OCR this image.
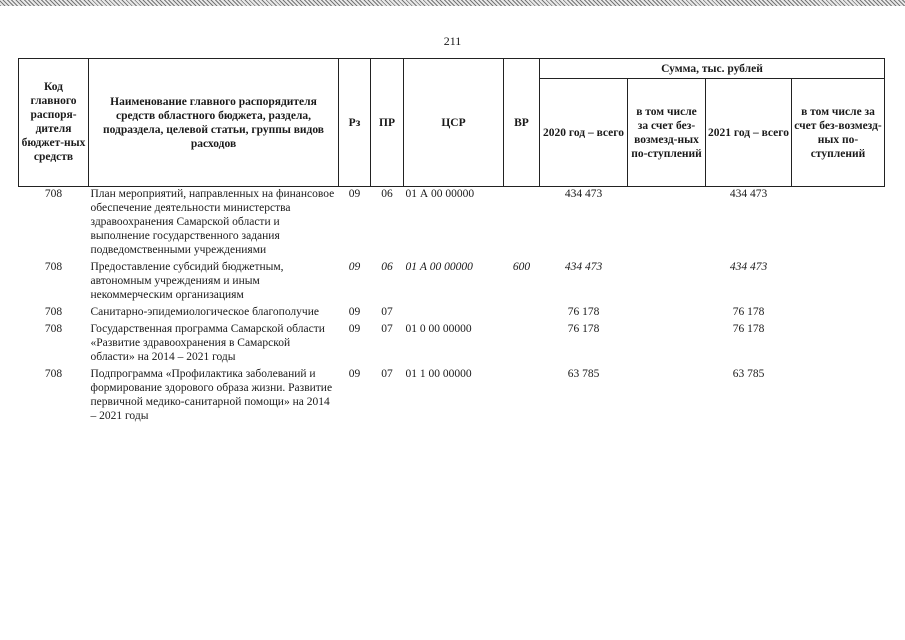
211
Код главного распоря-дителя бюджет-ных средств	Наименование главного распорядителя средств областного бюджета, раздела, подраздела, целевой статьи, группы видов расходов	Рз	ПР	ЦСР	ВР	Сумма, тыс. рублей			
						2020 год – всего	в том числе за счет без-возмезд-ных по-ступлений	2021 год – всего	в том числе за счет без-возмезд-ных по-ступлений
708	План мероприятий, направленных на финансовое обеспечение деятельности министерства здравоохранения Самарской области и выполнение государственного задания подведомственными учреждениями	09	06	01 А 00 00000		434 473		434 473	
708	Предоставление субсидий бюджетным, автономным учреждениям и иным некоммерческим организациям	09	06	01 А 00 00000	600	434 473		434 473	
708	Санитарно-эпидемиологическое благополучие	09	07			76 178		76 178	
708	Государственная программа Самарской области «Развитие здравоохранения в Самарской области» на 2014 – 2021 годы	09	07	01 0 00 00000		76 178		76 178	
708	Подпрограмма «Профилактика заболеваний и формирование здорового образа жизни. Развитие первичной медико-санитарной помощи» на 2014 – 2021 годы	09	07	01 1 00 00000		63 785		63 785	
